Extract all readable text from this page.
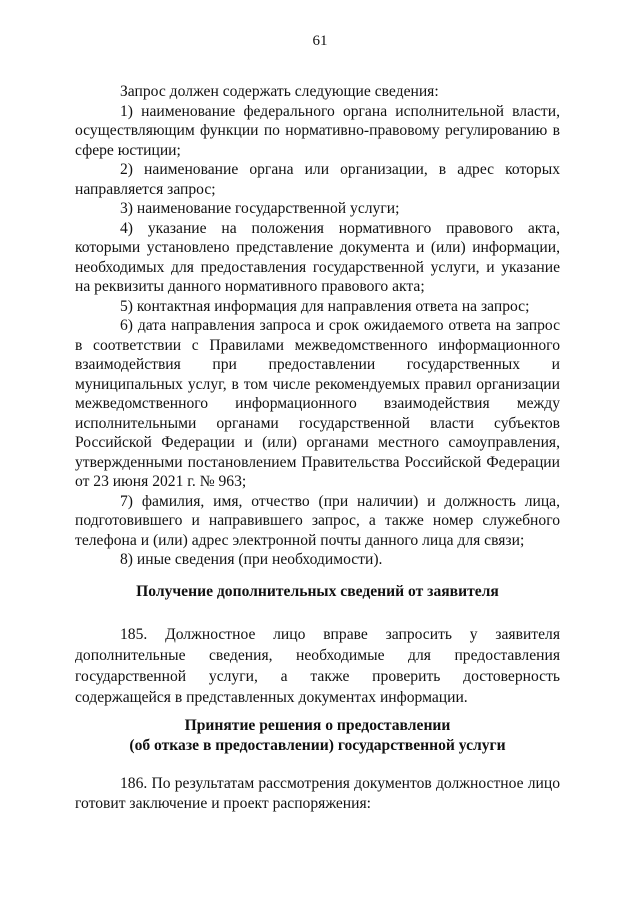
61

Запрос должен содержать следующие сведения:

1) наименование федерального органа исполнительной власти, осуществляющим функции по нормативно-правовому регулированию в сфере юстиции;

2) наименование органа или организации, в адрес которых направляется запрос;

3) наименование государственной услуги;

4) указание на положения нормативного правового акта, которыми установлено представление документа и (или) информации, необходимых для предоставления государственной услуги, и указание на реквизиты данного нормативного правового акта;

5) контактная информация для направления ответа на запрос;

6) дата направления запроса и срок ожидаемого ответа на запрос в соответствии с Правилами межведомственного информационного взаимодействия при предоставлении государственных и муниципальных услуг, в том числе рекомендуемых правил организации межведомственного информационного взаимодействия между исполнительными органами государственной власти субъектов Российской Федерации и (или) органами местного самоуправления, утвержденными постановлением Правительства Российской Федерации от 23 июня 2021 г. № 963;

7) фамилия, имя, отчество (при наличии) и должность лица, подготовившего и направившего запрос, а также номер служебного телефона и (или) адрес электронной почты данного лица для связи;

8) иные сведения (при необходимости).

Получение дополнительных сведений от заявителя

185. Должностное лицо вправе запросить у заявителя дополнительные сведения, необходимые для предоставления государственной услуги, а также проверить достоверность содержащейся в представленных документах информации.

Принятие решения о предоставлении
(об отказе в предоставлении) государственной услуги

186. По результатам рассмотрения документов должностное лицо готовит заключение и проект распоряжения:
